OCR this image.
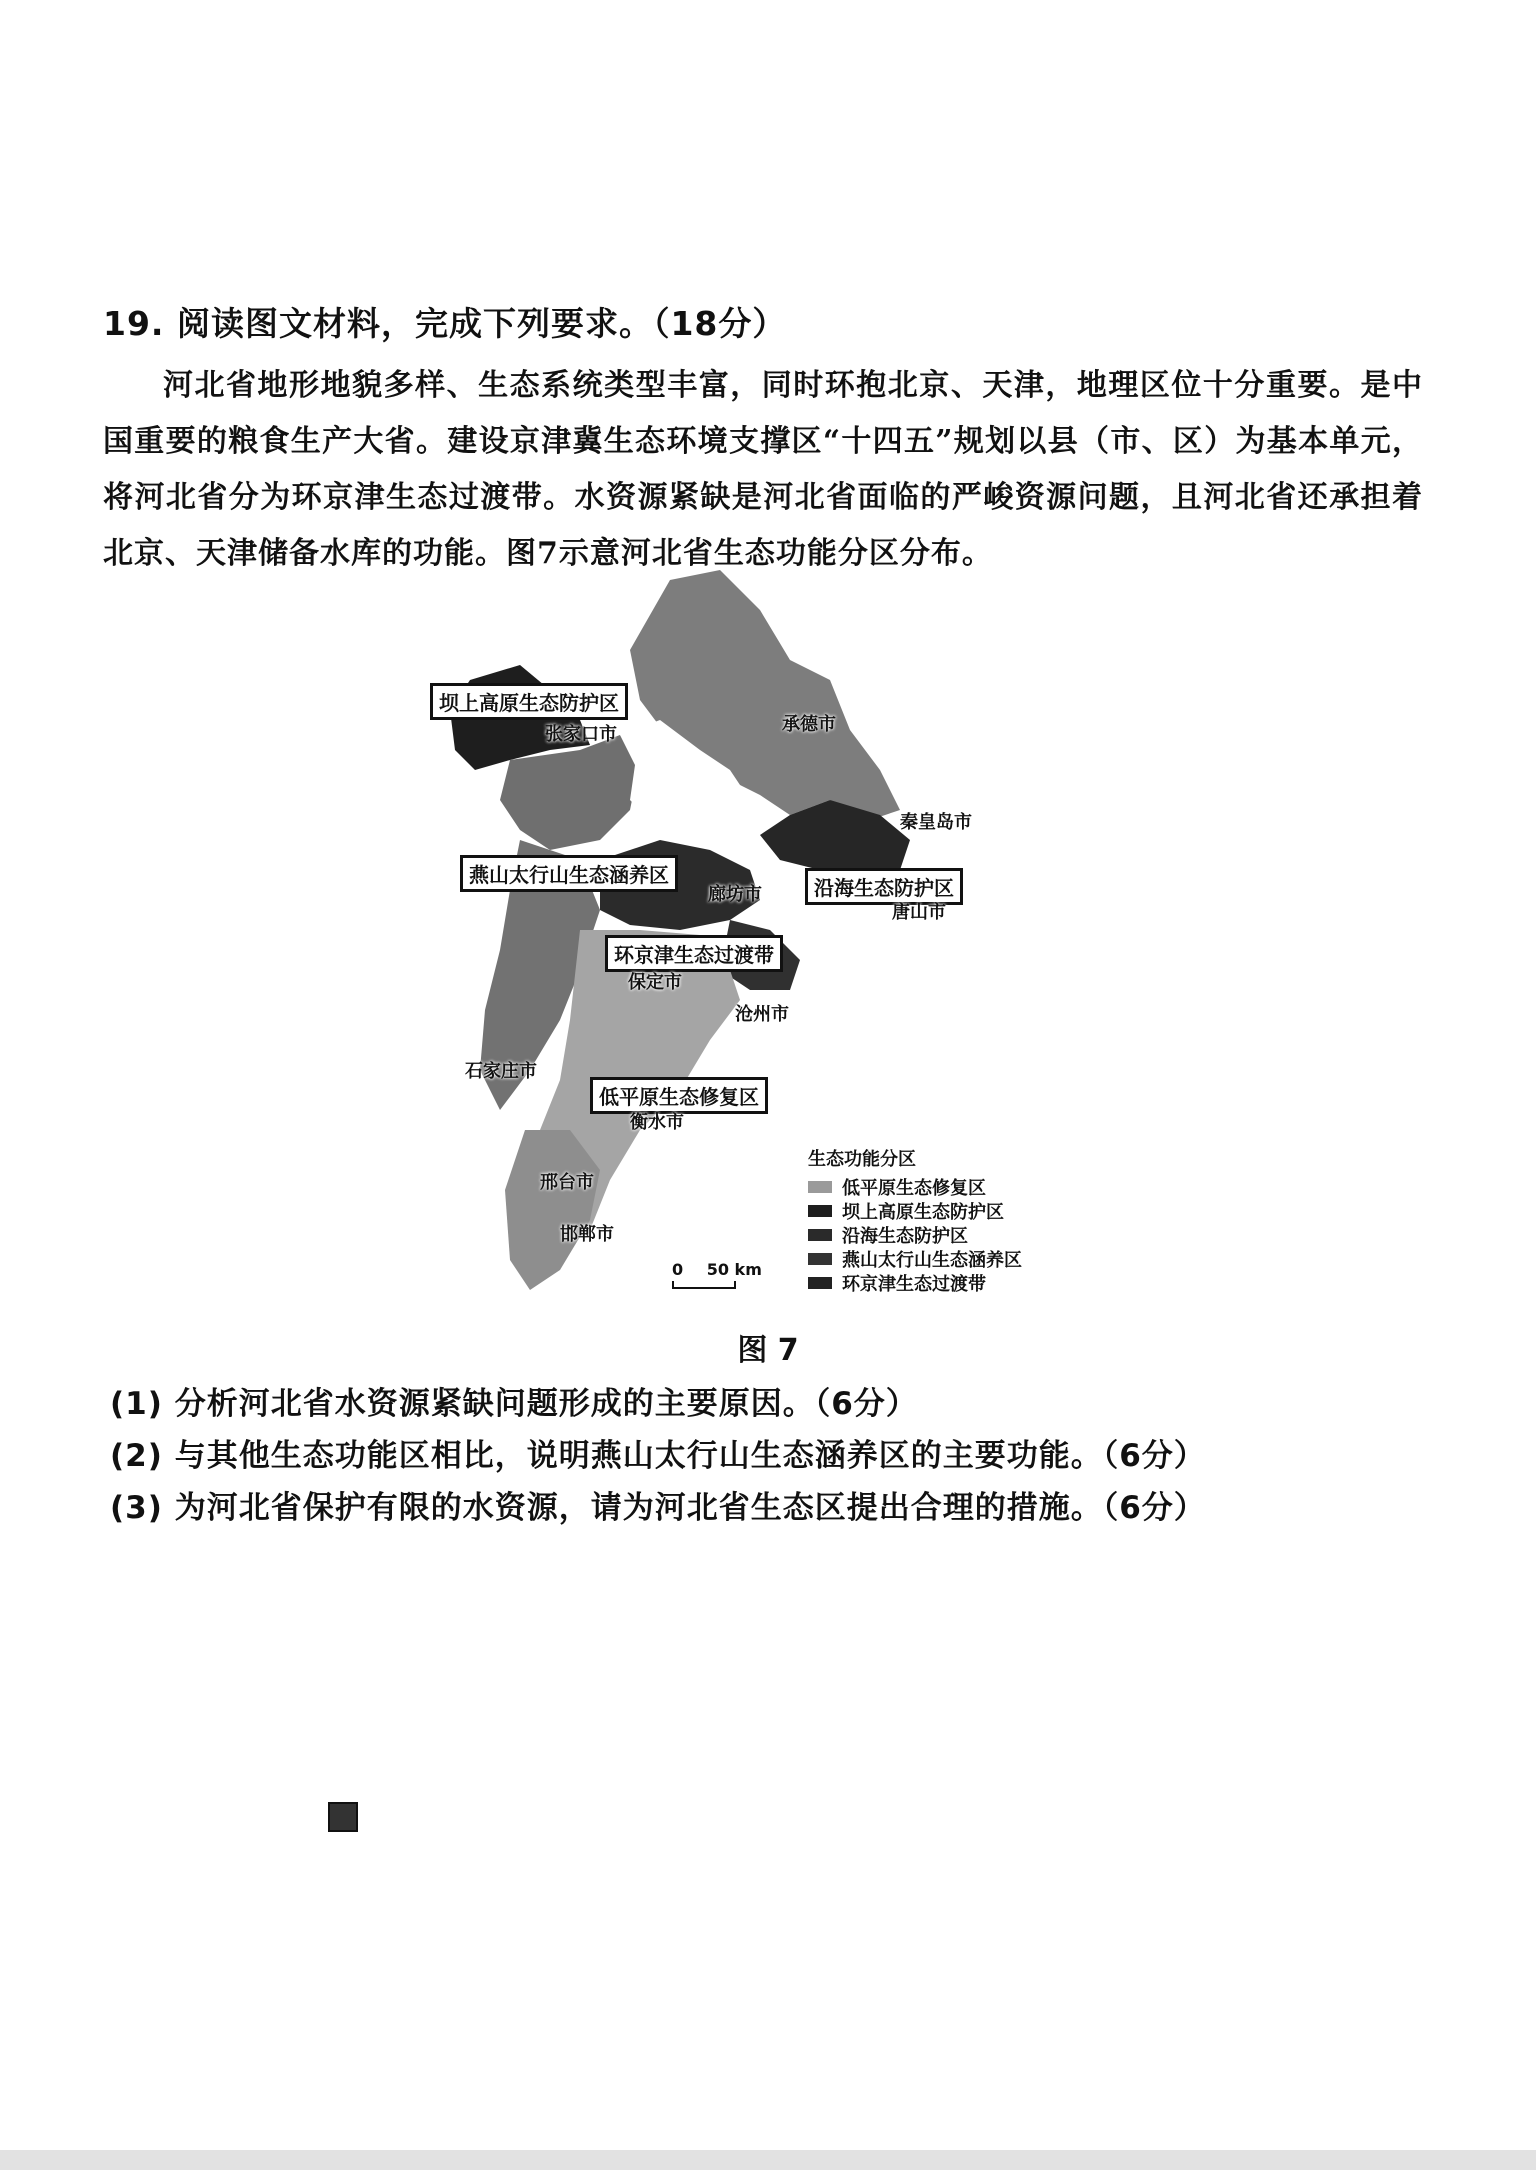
19. 阅读图文材料，完成下列要求。（18分）
河北省地形地貌多样、生态系统类型丰富，同时环抱北京、天津，地理区位十分重要。是中国重要的粮食生产大省。建设京津冀生态环境支撑区“十四五”规划以县（市、区）为基本单元，将河北省分为环京津生态过渡带。水资源紧缺是河北省面临的严峻资源问题，且河北省还承担着北京、天津储备水库的功能。图7示意河北省生态功能分区分布。
坝上高原生态防护区
燕山太行山生态涵养区
环京津生态过渡带
沿海生态防护区
低平原生态修复区
张家口市	承德市
秦皇岛市
唐山市
廊坊市
保定市
沧州市
石家庄市
衡水市
邢台市
邯郸市
0 50 km
生态功能分区
低平原生态修复区
坝上高原生态防护区
沿海生态防护区
燕山太行山生态涵养区
环京津生态过渡带
图 7
(1) 分析河北省水资源紧缺问题形成的主要原因。（6分）
(2) 与其他生态功能区相比，说明燕山太行山生态涵养区的主要功能。（6分）
(3) 为河北省保护有限的水资源，请为河北省生态区提出合理的措施。（6分）
